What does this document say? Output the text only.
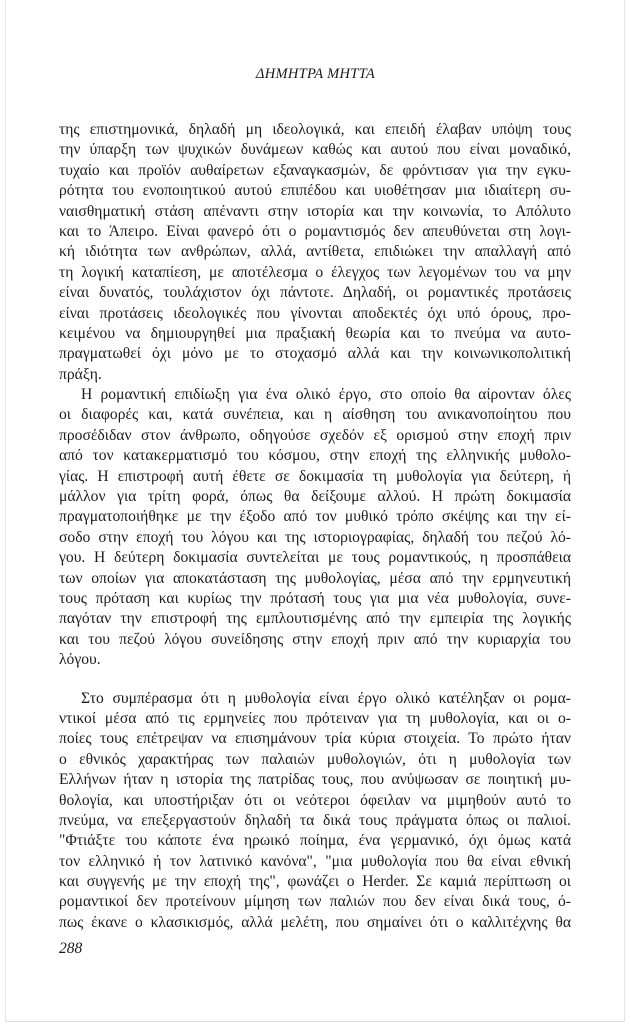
ΔΗΜΗΤΡΑ ΜΗΤΤΑ
της επιστημονικά, δηλαδή μη ιδεολογικά, και επειδή έλαβαν υπόψη τους
την ύπαρξη των ψυχικών δυνάμεων καθώς και αυτού που είναι μοναδικό,
τυχαίο και προϊόν αυθαίρετων εξαναγκασμών, δε φρόντισαν για την εγκυ-
ρότητα του ενοποιητικού αυτού επιπέδου και υιοθέτησαν μια ιδιαίτερη συ-
ναισθηματική στάση απέναντι στην ιστορία και την κοινωνία, το Απόλυτο
και το Άπειρο. Είναι φανερό ότι ο ρομαντισμός δεν απευθύνεται στη λογι-
κή ιδιότητα των ανθρώπων, αλλά, αντίθετα, επιδιώκει την απαλλαγή από
τη λογική καταπίεση, με αποτέλεσμα ο έλεγχος των λεγομένων του να μην
είναι δυνατός, τουλάχιστον όχι πάντοτε. Δηλαδή, οι ρομαντικές προτάσεις
είναι προτάσεις ιδεολογικές που γίνονται αποδεκτές όχι υπό όρους, προ-
κειμένου να δημιουργηθεί μια πραξιακή θεωρία και το πνεύμα να αυτο-
πραγματωθεί όχι μόνο με το στοχασμό αλλά και την κοινωνικοπολιτική
πράξη.
Η ρομαντική επιδίωξη για ένα ολικό έργο, στο οποίο θα αίρονταν όλες
οι διαφορές και, κατά συνέπεια, και η αίσθηση του ανικανοποίητου που
προσέδιδαν στον άνθρωπο, οδηγούσε σχεδόν εξ ορισμού στην εποχή πριν
από τον κατακερματισμό του κόσμου, στην εποχή της ελληνικής μυθολο-
γίας. Η επιστροφή αυτή έθετε σε δοκιμασία τη μυθολογία για δεύτερη, ή
μάλλον για τρίτη φορά, όπως θα δείξουμε αλλού. Η πρώτη δοκιμασία
πραγματοποιήθηκε με την έξοδο από τον μυθικό τρόπο σκέψης και την εί-
σοδο στην εποχή του λόγου και της ιστοριογραφίας, δηλαδή του πεζού λό-
γου. Η δεύτερη δοκιμασία συντελείται με τους ρομαντικούς, η προσπάθεια
των οποίων για αποκατάσταση της μυθολογίας, μέσα από την ερμηνευτική
τους πρόταση και κυρίως την πρότασή τους για μια νέα μυθολογία, συνε-
παγόταν την επιστροφή της εμπλουτισμένης από την εμπειρία της λογικής
και του πεζού λόγου συνείδησης στην εποχή πριν από την κυριαρχία του
λόγου.
Στο συμπέρασμα ότι η μυθολογία είναι έργο ολικό κατέληξαν οι ρομα-
ντικοί μέσα από τις ερμηνείες που πρότειναν για τη μυθολογία, και οι ο-
ποίες τους επέτρεψαν να επισημάνουν τρία κύρια στοιχεία. Το πρώτο ήταν
ο εθνικός χαρακτήρας των παλαιών μυθολογιών, ότι η μυθολογία των
Ελλήνων ήταν η ιστορία της πατρίδας τους, που ανύψωσαν σε ποιητική μυ-
θολογία, και υποστήριξαν ότι οι νεότεροι όφειλαν να μιμηθούν αυτό το
πνεύμα, να επεξεργαστούν δηλαδή τα δικά τους πράγματα όπως οι παλιοί.
"Φτιάξτε του κάποτε ένα ηρωικό ποίημα, ένα γερμανικό, όχι όμως κατά
τον ελληνικό ή τον λατινικό κανόνα", "μια μυθολογία που θα είναι εθνική
και συγγενής με την εποχή της", φωνάζει ο Herder. Σε καμιά περίπτωση οι
ρομαντικοί δεν προτείνουν μίμηση των παλιών που δεν είναι δικά τους, ό-
πως έκανε ο κλασικισμός, αλλά μελέτη, που σημαίνει ότι ο καλλιτέχνης θα
288
